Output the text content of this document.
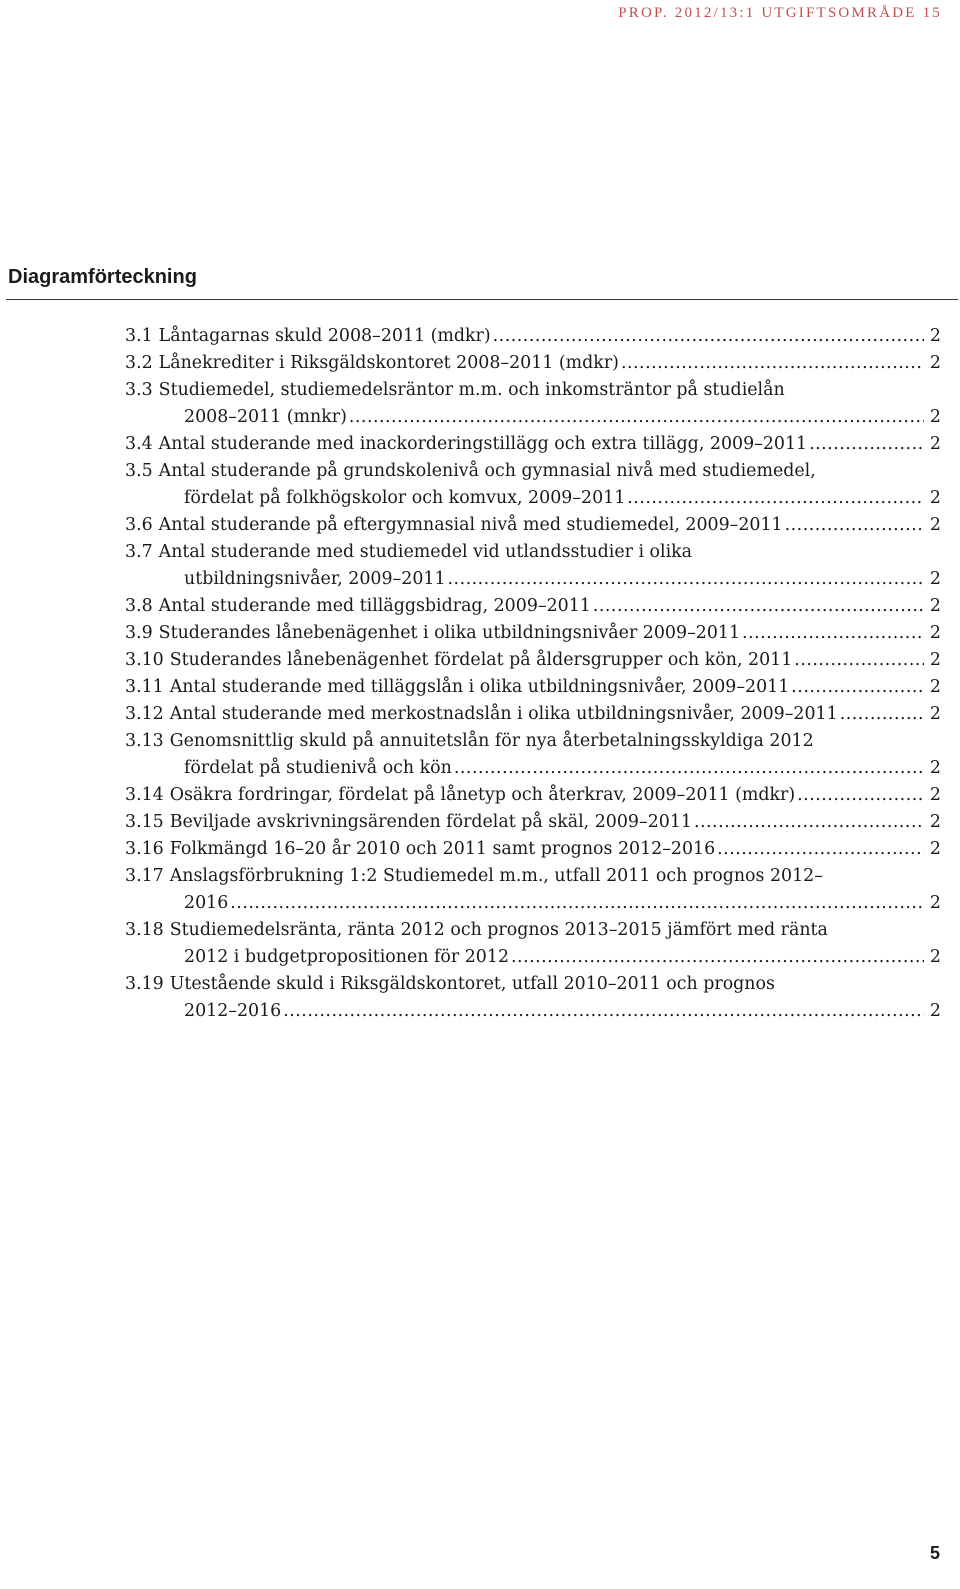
PROP. 2012/13:1 UTGIFTSOMRÅDE 15
Diagramförteckning
3.1 Låntagarnas skuld 2008–2011 (mdkr) .....	2
3.2 Lånekrediter i Riksgäldskontoret 2008–2011 (mdkr) .....	2
3.3 Studiemedel, studiemedelsräntor m.m. och inkomsträntor på studielån
2008–2011 (mnkr) .....	2
3.4 Antal studerande med inackorderingstillägg och extra tillägg, 2009–2011 .....	2
3.5 Antal studerande på grundskolenivå och gymnasial nivå med studiemedel,
fördelat på folkhögskolor och komvux, 2009–2011 .....	2
3.6 Antal studerande på eftergymnasial nivå med studiemedel, 2009–2011 .....	2
3.7 Antal studerande med studiemedel vid utlandsstudier i olika
utbildningsnivåer, 2009–2011 .....	2
3.8 Antal studerande med tilläggsbidrag, 2009–2011 .....	2
3.9 Studerandes lånebenägenhet i olika utbildningsnivåer 2009–2011 .....	2
3.10 Studerandes lånebenägenhet fördelat på åldersgrupper och kön, 2011 .....	2
3.11 Antal studerande med tilläggslån i olika utbildningsnivåer, 2009–2011 .....	2
3.12 Antal studerande med merkostnadslån i olika utbildningsnivåer, 2009–2011 .....	2
3.13 Genomsnittlig skuld på annuitetslån för nya återbetalningsskyldiga 2012
fördelat på studienivå och kön .....	2
3.14 Osäkra fordringar, fördelat på lånetyp och återkrav, 2009–2011 (mdkr) .....	2
3.15 Beviljade avskrivningsärenden fördelat på skäl, 2009–2011 .....	2
3.16 Folkmängd 16–20 år 2010 och 2011 samt prognos 2012–2016 .....	2
3.17 Anslagsförbrukning 1:2 Studiemedel m.m., utfall 2011 och prognos 2012–
2016 .....	2
3.18 Studiemedelsränta, ränta 2012 och prognos 2013–2015 jämfört med ränta
2012 i budgetpropositionen för 2012 .....	2
3.19 Utestående skuld i Riksgäldskontoret, utfall 2010–2011 och prognos
2012–2016 .....	2
5
